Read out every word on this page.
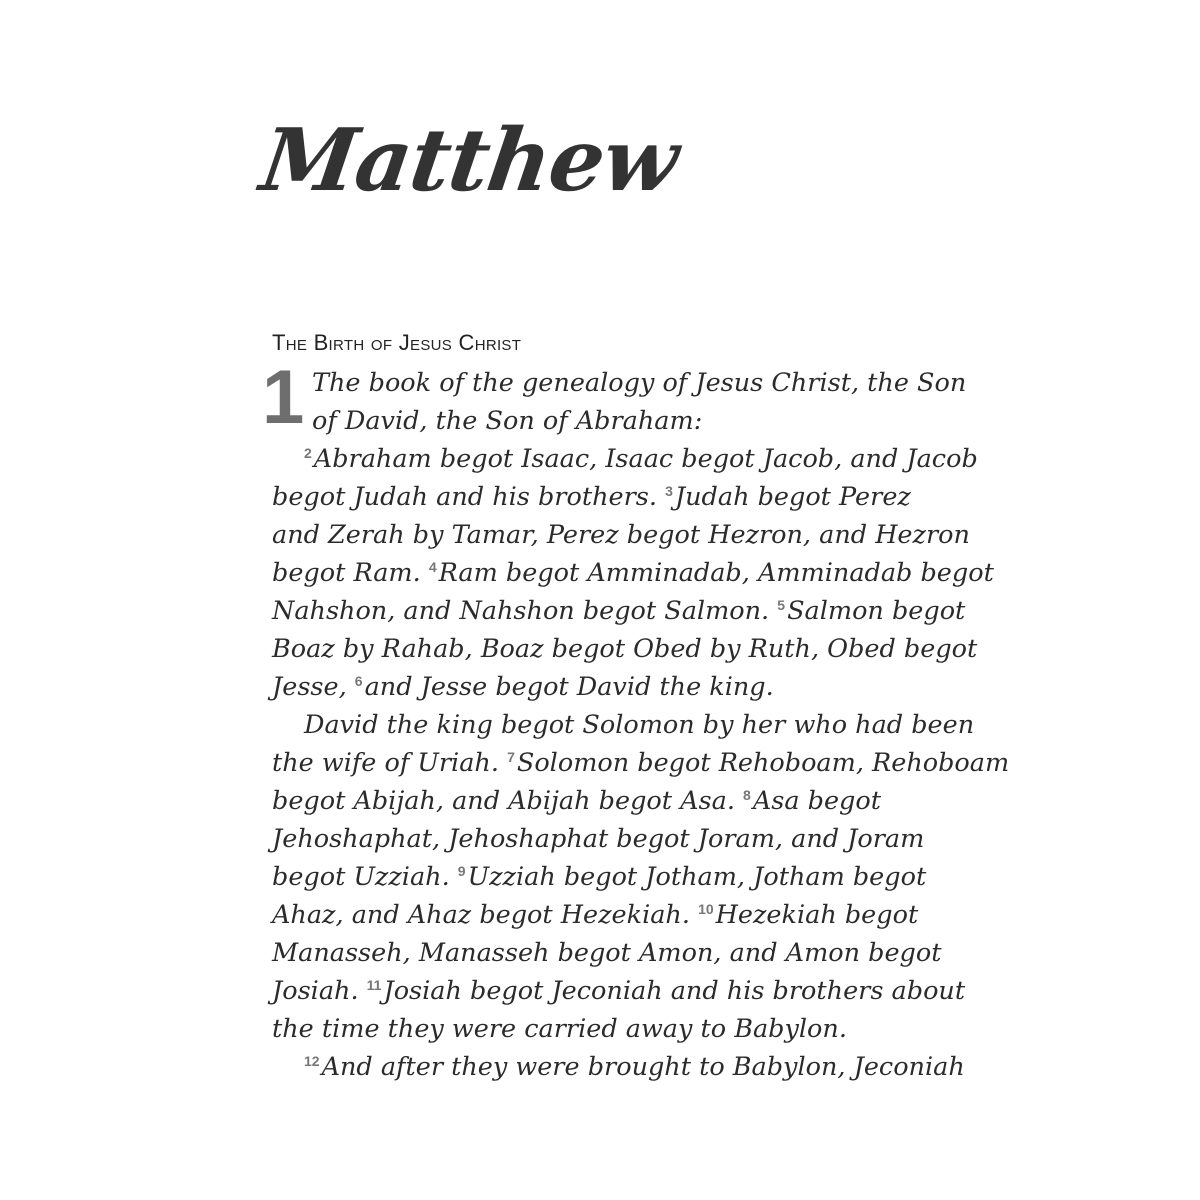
Matthew
The Birth of Jesus Christ
1 The book of the genealogy of Jesus Christ, the Son
of David, the Son of Abraham:
$^2$Abraham begot Isaac, Isaac begot Jacob, and Jacob
begot Judah and his brothers. $^3$Judah begot Perez
and Zerah by Tamar, Perez begot Hezron, and Hezron
begot Ram. $^4$Ram begot Amminadab, Amminadab begot
Nahshon, and Nahshon begot Salmon. $^5$Salmon begot
Boaz by Rahab, Boaz begot Obed by Ruth, Obed begot
Jesse, $^6$and Jesse begot David the king.
David the king begot Solomon by her who had been
the wife of Uriah. $^7$Solomon begot Rehoboam, Rehoboam
begot Abijah, and Abijah begot Asa. $^8$Asa begot
Jehoshaphat, Jehoshaphat begot Joram, and Joram
begot Uzziah. $^9$Uzziah begot Jotham, Jotham begot
Ahaz, and Ahaz begot Hezekiah. $^{10}$Hezekiah begot
Manasseh, Manasseh begot Amon, and Amon begot
Josiah. $^{11}$Josiah begot Jeconiah and his brothers about
the time they were carried away to Babylon.
$^{12}$And after they were brought to Babylon, Jeconiah
